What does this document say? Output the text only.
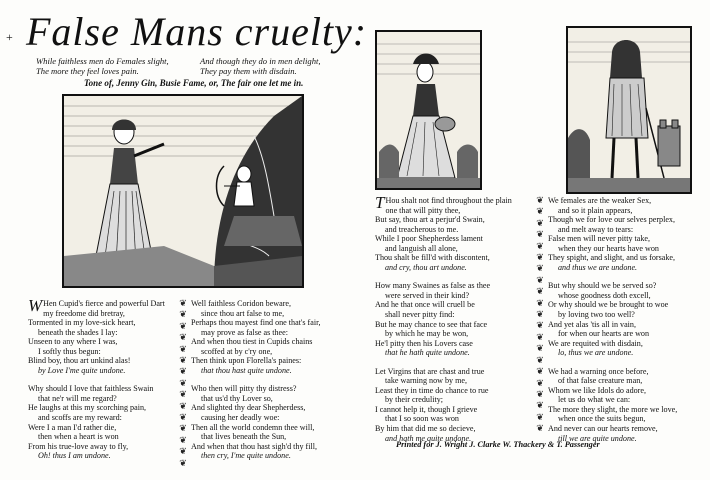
+ False Mans cruelty:
While faithless men do Females slight,
The more they feel loves pain.
And though they do in men delight,
They pay them with disdain.
Tone of, Jenny Gin, Busie Fame, or, The fair one let me in.
W Hen Cupid's fierce and powerful Dart
my freedome did bretray,
Tormented in my love-sick heart,
beneath the shades I lay:
Unseen to any where I was,
I softly thus begun:
Blind boy, thou art unkind alas!
by Love I'me quite undone.
Why should I love that faithless Swain
that ne'r will me regard?
He laughs at this my scorching pain,
and scoffs are my reward:
Were I a man I'd rather die,
then when a heart is won
From his true-love away to fly,
Oh! thus I am undone.
❦
❦
❦
❦
❦
❦
❦
❦
❦
❦
❦
❦
❦
❦
❦
Well faithless Coridon beware,
since thou art false to me,
Perhaps thou mayest find one that's fair,
may prove as false as thee:
And when thou tiest in Cupids chains
scoffed at by c'ry one,
Then think upon Florella's paines:
that thou hast quite undone.
Who then will pitty thy distress?
that us'd thy Lover so,
And slighted thy dear Shepherdess,
causing her deadly woe:
Then all the world condemn thee will,
that lives beneath the Sun,
And when that thou hast sigh'd thy fill,
then cry, I'me quite undone.
T Hou shalt not find throughout the plain
one that will pitty thee,
But say, thou art a perjur'd Swain,
and treacherous to me.
While I poor Shepherdess lament
and languish all alone,
Thou shalt be fill'd with discontent,
and cry, thou art undone.
How many Swaines as false as thee
were served in their kind?
And he that once will cruell be
shall never pitty find:
But he may chance to see that face
by which he may be won,
He'l pitty then his Lovers case
that he hath quite undone.
Let Virgins that are chast and true
take warning now by me,
Least they in time do chance to rue
by their credulity;
I cannot help it, though I grieve
that I so soon was won
By him that did me so decieve,
and hath me quite undone.
❦
❦
❦
❦
❦
❦
❦
❦
❦
❦
❦
❦
❦
❦
❦
❦
❦
❦
❦
❦
❦
We females are the weaker Sex,
and so it plain appears,
Though we for love our selves perplex,
and melt away to tears:
False men will never pitty take,
when they our hearts have won
They spight, and slight, and us forsake,
and thus we are undone.
But why should we be served so?
whose goodness doth excell,
Or why should we be brought to woe
by loving two too well?
And yet alas 'tis all in vain,
for when our hearts are won
We are requited with disdain,
lo, thus we are undone.
We had a warning once before,
of that false creature man,
Whom we like Idols do adore,
let us do what we can:
The more they slight, the more we love,
when once the suits begun,
And never can our hearts remove,
till we are quite undone.
Printed for J. Wright J. Clarke W. Thackery & T. Passenger
